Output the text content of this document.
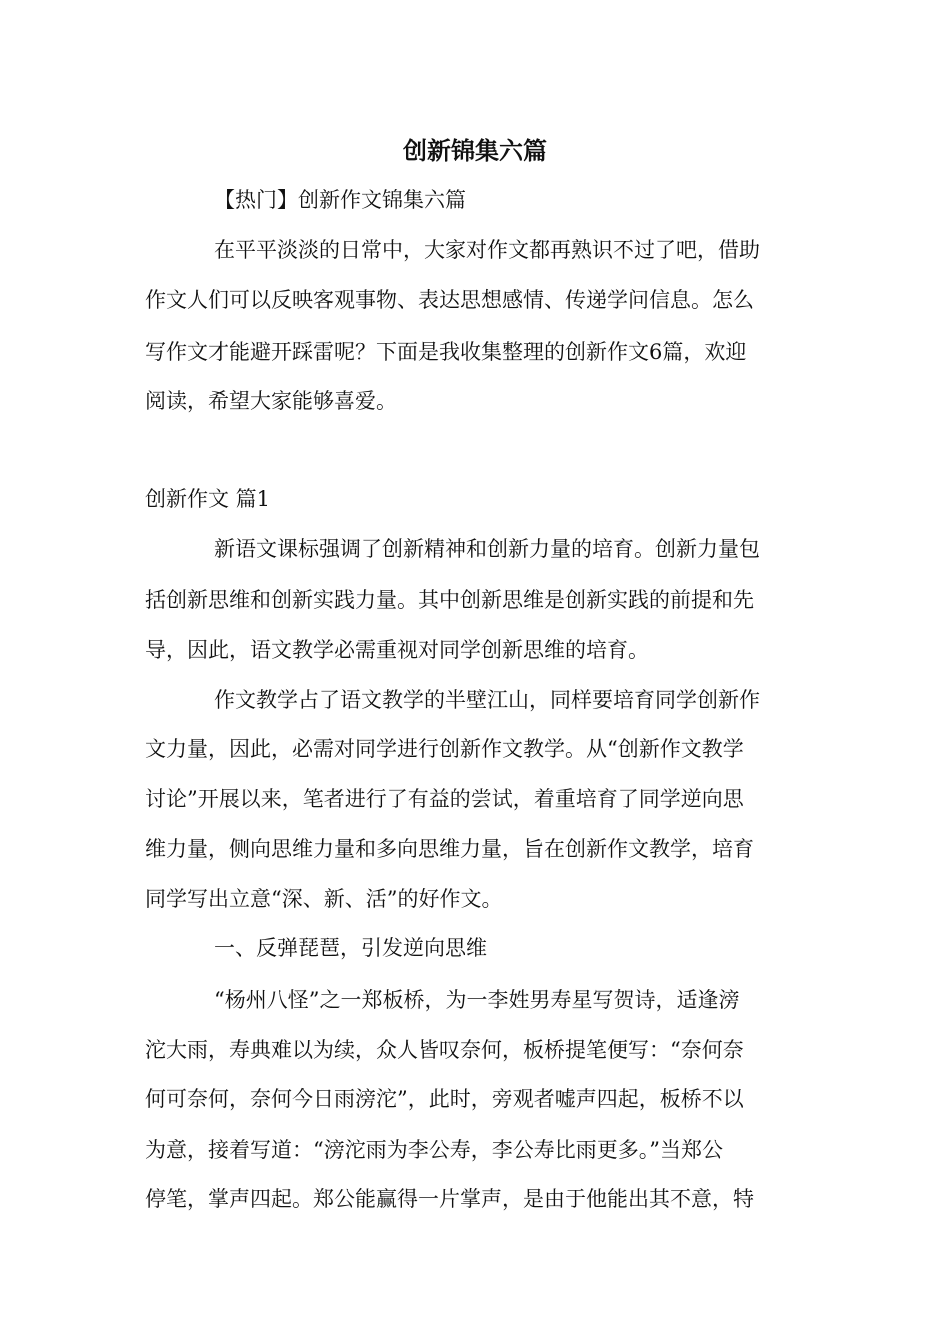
创新锦集六篇

【热门】创新作文锦集六篇

在平平淡淡的日常中，大家对作文都再熟识不过了吧，借助

作文人们可以反映客观事物、表达思想感情、传递学问信息。怎么

写作文才能避开踩雷呢？下面是我收集整理的创新作文6篇，欢迎

阅读，希望大家能够喜爱。

创新作文 篇1

新语文课标强调了创新精神和创新力量的培育。创新力量包

括创新思维和创新实践力量。其中创新思维是创新实践的前提和先

导，因此，语文教学必需重视对同学创新思维的培育。

作文教学占了语文教学的半壁江山，同样要培育同学创新作

文力量，因此，必需对同学进行创新作文教学。从“创新作文教学

讨论”开展以来，笔者进行了有益的尝试，着重培育了同学逆向思

维力量，侧向思维力量和多向思维力量，旨在创新作文教学，培育

同学写出立意“深、新、活”的好作文。

一、反弹琵琶，引发逆向思维

“杨州八怪”之一郑板桥，为一李姓男寿星写贺诗，适逢滂

沱大雨，寿典难以为续，众人皆叹奈何，板桥提笔便写：“奈何奈

何可奈何，奈何今日雨滂沱”，此时，旁观者嘘声四起，板桥不以

为意，接着写道：“滂沱雨为李公寿，李公寿比雨更多。”当郑公

停笔，掌声四起。郑公能赢得一片掌声，是由于他能出其不意，特
